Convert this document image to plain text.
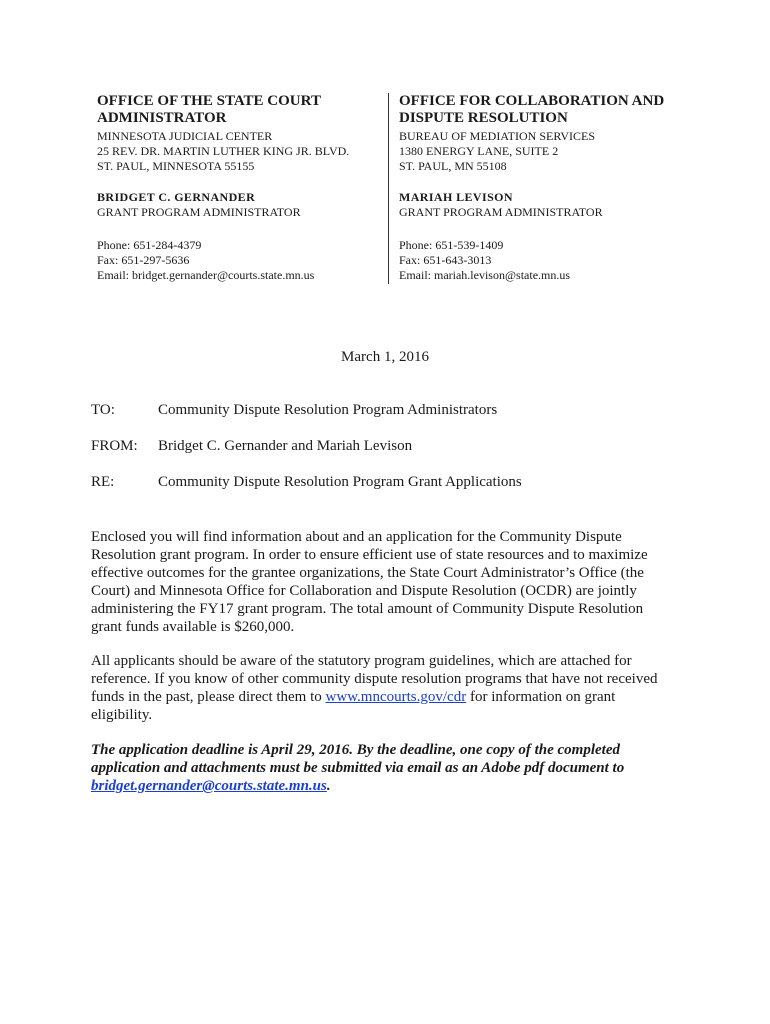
OFFICE OF THE STATE COURT
ADMINISTRATOR
MINNESOTA JUDICIAL CENTER
25 REV. DR. MARTIN LUTHER KING JR. BLVD.
ST. PAUL, MINNESOTA 55155
BRIDGET C. GERNANDER
GRANT PROGRAM ADMINISTRATOR
Phone: 651-284-4379
Fax: 651-297-5636
Email: bridget.gernander@courts.state.mn.us
OFFICE FOR COLLABORATION AND
DISPUTE RESOLUTION
BUREAU OF MEDIATION SERVICES
1380 ENERGY LANE, SUITE 2
ST. PAUL, MN 55108
MARIAH LEVISON
GRANT PROGRAM ADMINISTRATOR
Phone: 651-539-1409
Fax: 651-643-3013
Email: mariah.levison@state.mn.us
March 1, 2016
TO:	Community Dispute Resolution Program Administrators
FROM:	Bridget C. Gernander and Mariah Levison
RE:	Community Dispute Resolution Program Grant Applications
Enclosed you will find information about and an application for the Community Dispute
Resolution grant program. In order to ensure efficient use of state resources and to maximize
effective outcomes for the grantee organizations, the State Court Administrator’s Office (the
Court) and Minnesota Office for Collaboration and Dispute Resolution (OCDR) are jointly
administering the FY17 grant program. The total amount of Community Dispute Resolution
grant funds available is $260,000.
All applicants should be aware of the statutory program guidelines, which are attached for
reference. If you know of other community dispute resolution programs that have not received
funds in the past, please direct them to www.mncourts.gov/cdr for information on grant
eligibility.
The application deadline is April 29, 2016. By the deadline, one copy of the completed
application and attachments must be submitted via email as an Adobe pdf document to
bridget.gernander@courts.state.mn.us.
